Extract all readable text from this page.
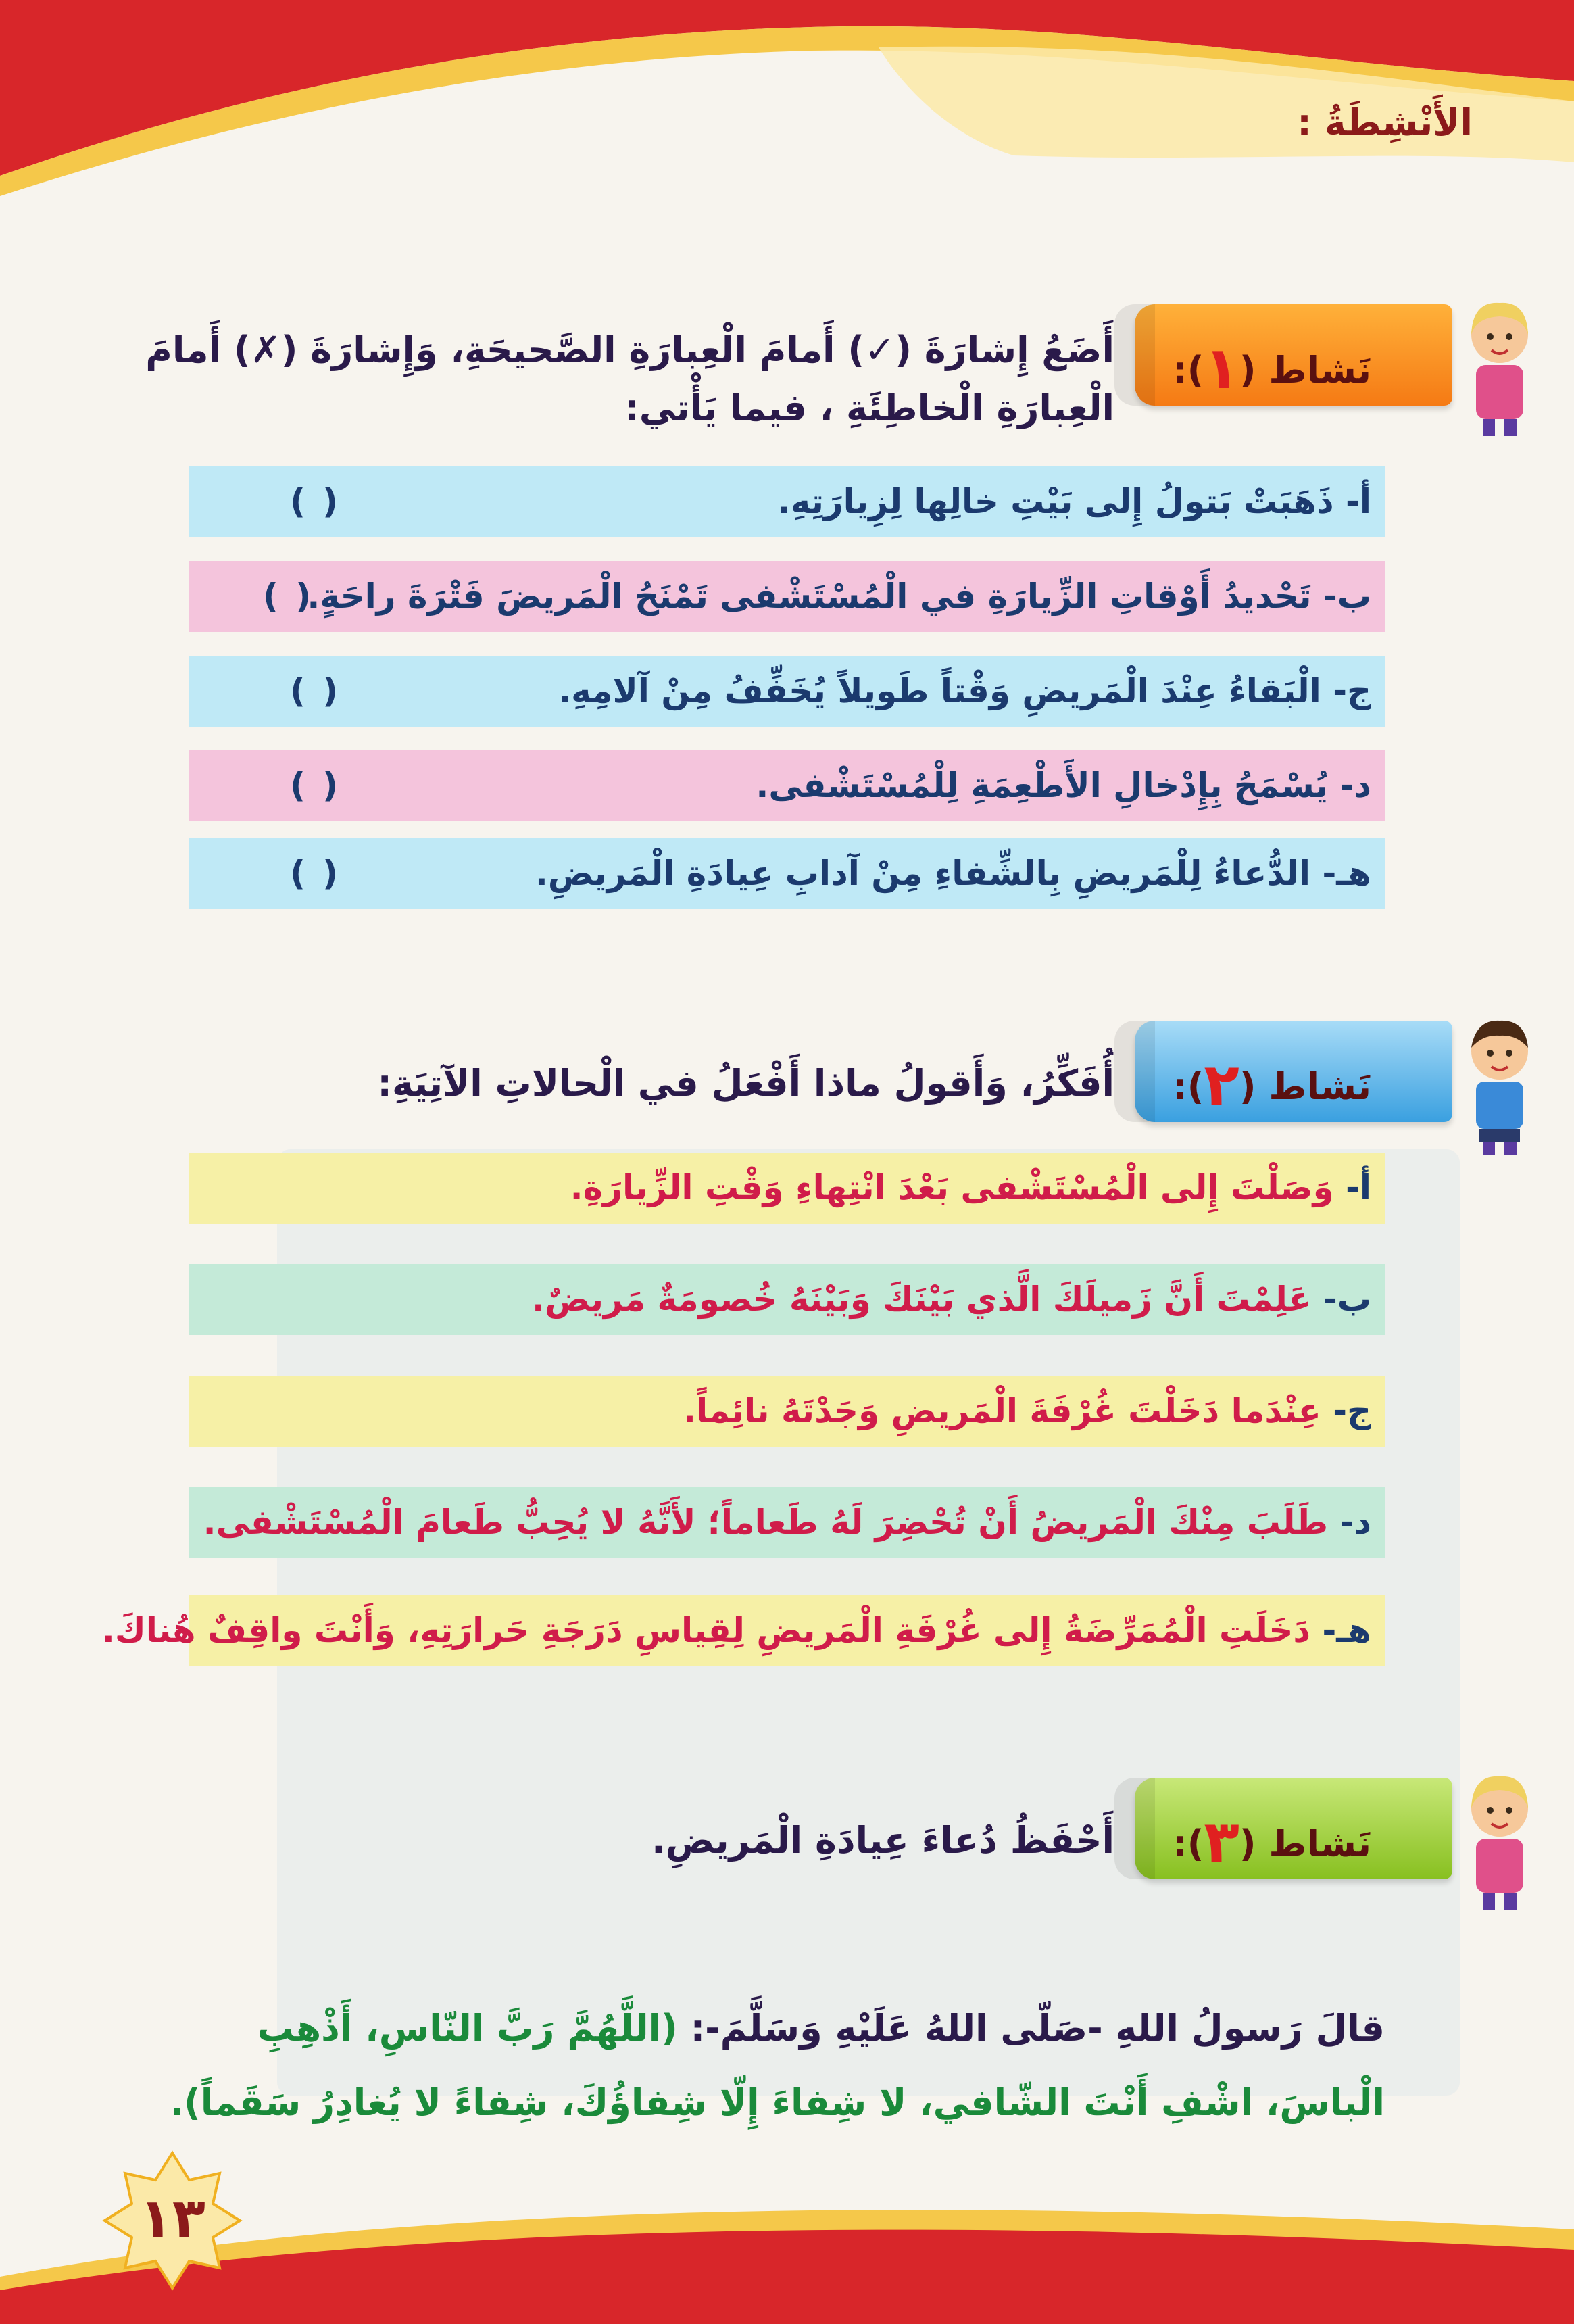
الأَنْشِطَةُ :
نَشاط (١):
أَضَعُ إِشارَةَ (✓) أَمامَ الْعِبارَةِ الصَّحيحَةِ، وَإِشارَةَ (✗) أَمامَ الْعِبارَةِ الْخاطِئَةِ ، فيما يَأْتي:
أ- ذَهَبَتْ بَتولُ إِلى بَيْتِ خالِها لِزِيارَتِهِ.
( )
ب- تَحْديدُ أَوْقاتِ الزِّيارَةِ في الْمُسْتَشْفى تَمْنَحُ الْمَريضَ فَتْرَةَ راحَةٍ.
( )
ج- الْبَقاءُ عِنْدَ الْمَريضِ وَقْتاً طَويلاً يُخَفِّفُ مِنْ آلامِهِ.
( )
د- يُسْمَحُ بِإِدْخالِ الأَطْعِمَةِ لِلْمُسْتَشْفى.
( )
هـ- الدُّعاءُ لِلْمَريضِ بِالشِّفاءِ مِنْ آدابِ عِيادَةِ الْمَريضِ.
( )
نَشاط (٢):
أُفَكِّرُ، وَأَقولُ ماذا أَفْعَلُ في الْحالاتِ الآتِيَةِ:
أ- وَصَلْتَ إِلى الْمُسْتَشْفى بَعْدَ انْتِهاءِ وَقْتِ الزِّيارَةِ.
ب- عَلِمْتَ أَنَّ زَميلَكَ الَّذي بَيْنَكَ وَبَيْنَهُ خُصومَةٌ مَريضٌ.
ج- عِنْدَما دَخَلْتَ غُرْفَةَ الْمَريضِ وَجَدْتَهُ نائِماً.
د- طَلَبَ مِنْكَ الْمَريضُ أَنْ تُحْضِرَ لَهُ طَعاماً؛ لأَنَّهُ لا يُحِبُّ طَعامَ الْمُسْتَشْفى.
هـ- دَخَلَتِ الْمُمَرِّضَةُ إِلى غُرْفَةِ الْمَريضِ لِقِياسِ دَرَجَةِ حَرارَتِهِ، وَأَنْتَ واقِفٌ هُناكَ.
نَشاط (٣):
أَحْفَظُ دُعاءَ عِيادَةِ الْمَريضِ.
قالَ رَسولُ اللهِ -صَلّى اللهُ عَلَيْهِ وَسَلَّمَ-: (اللَّهُمَّ رَبَّ النّاسِ، أَذْهِبِ
الْباسَ، اشْفِ أَنْتَ الشّافي، لا شِفاءَ إِلّا شِفاؤُكَ، شِفاءً لا يُغادِرُ سَقَماً).
١٣
